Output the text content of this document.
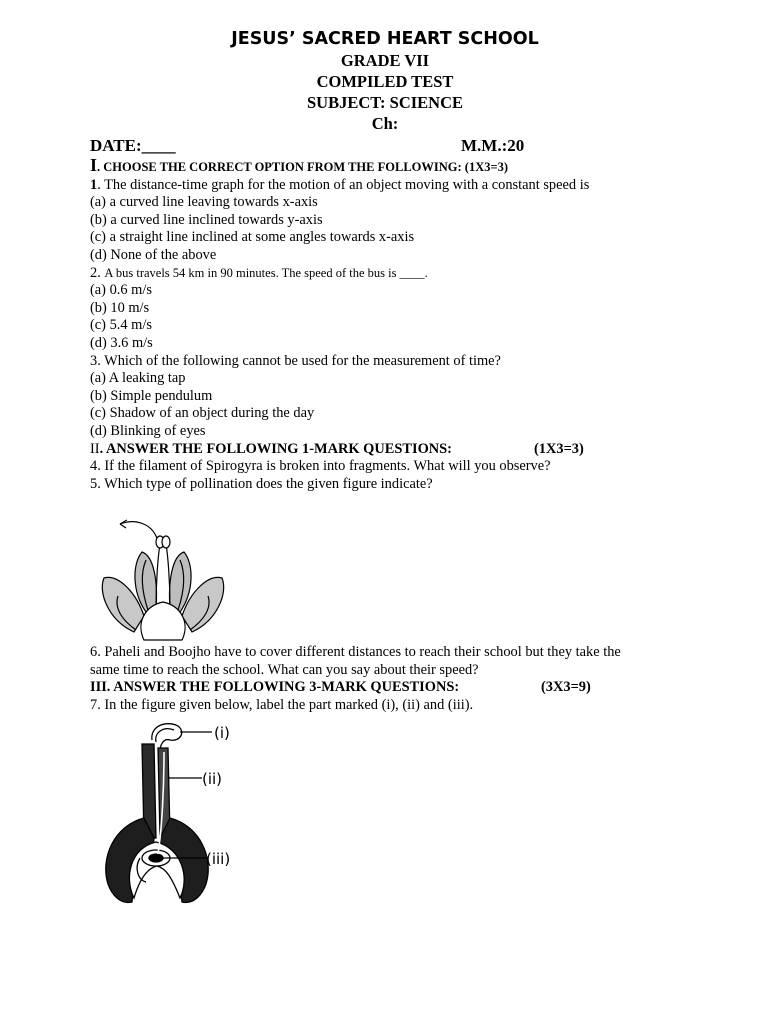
JESUS’ SACRED HEART SCHOOL
GRADE VII
COMPILED TEST
SUBJECT: SCIENCE
Ch:
DATE:____	M.M.:20
I. CHOOSE THE CORRECT OPTION FROM THE FOLLOWING: (1X3=3)
1. The distance-time graph for the motion of an object moving with a constant speed is
(a) a curved line leaving towards x-axis
(b) a curved line inclined towards y-axis
(c) a straight line inclined at some angles towards x-axis
(d) None of the above
2. A bus travels 54 km in 90 minutes. The speed of the bus is ____.
(a) 0.6 m/s
(b) 10 m/s
(c) 5.4 m/s
(d) 3.6 m/s
3. Which of the following cannot be used for the measurement of time?
(a) A leaking tap
(b) Simple pendulum
(c) Shadow of an object during the day
(d) Blinking of eyes
II. ANSWER THE FOLLOWING 1-MARK QUESTIONS:	(1X3=3)
4. If the filament of Spirogyra is broken into fragments. What will you observe?
5. Which type of pollination does the given figure indicate?
6. Paheli and Boojho have to cover different distances to reach their school but they take the
same time to reach the school. What can you say about their speed?
III. ANSWER THE FOLLOWING 3-MARK QUESTIONS:	(3X3=9)
7. In the figure given below, label the part marked (i), (ii) and (iii).
(i)
(ii)
(iii)
